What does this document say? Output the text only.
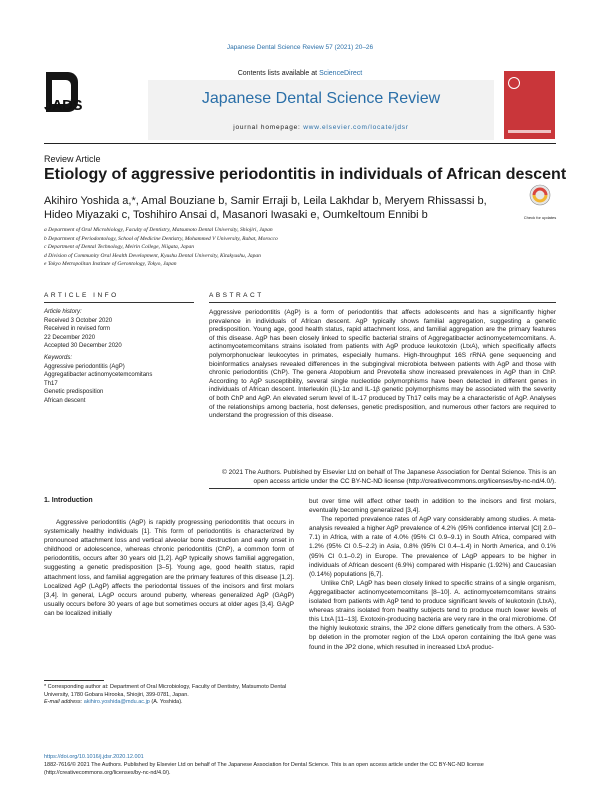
Japanese Dental Science Review 57 (2021) 20–26
JADS
Contents lists available at ScienceDirect
Japanese Dental Science Review
journal homepage: www.elsevier.com/locate/jdsr
Review Article
Etiology of aggressive periodontitis in individuals of African descent
Check for updates
Akihiro Yoshida a,*, Amal Bouziane b, Samir Erraji b, Leila Lakhdar b, Meryem Rhissassi b,
Hideo Miyazaki c, Toshihiro Ansai d, Masanori Iwasaki e, Oumkeltoum Ennibi b
a Department of Oral Microbiology, Faculty of Dentistry, Matsumoto Dental University, Shiojiri, Japan
b Department of Periodontology, School of Medicine Dentistry, Mohammed V University, Rabat, Morocco
c Department of Dental Technology, Meirin College, Niigata, Japan
d Division of Community Oral Health Development, Kyushu Dental University, Kitakyushu, Japan
e Tokyo Metropolitan Institute of Gerontology, Tokyo, Japan
ARTICLE INFO	ABSTRACT
Article history:
Received 3 October 2020
Received in revised form
22 December 2020
Accepted 30 December 2020
Keywords:
Aggressive periodontitis (AgP)
Aggregatibacter actinomycetemcomitans
Th17
Genetic predisposition
African descent

Aggressive periodontitis (AgP) is a form of periodontitis that affects adolescents and has a significantly higher prevalence in individuals of African descent. AgP typically shows familial aggregation, suggesting a genetic predisposition. Young age, good health status, rapid attachment loss, and familial aggregation are the primary features of this disease. AgP has been closely linked to specific bacterial strains of Aggregatibacter actinomycetemcomitans. A. actinomycetemcomitans strains isolated from patients with AgP produce leukotoxin (LtxA), which specifically affects polymorphonuclear leukocytes in primates, especially humans. High-throughput 16S rRNA gene sequencing and bioinformatics analyses revealed differences in the subgingival microbiota between patients with AgP and those with chronic periodontitis (ChP). The genera Atopobium and Prevotella show increased prevalences in AgP than in ChP. According to AgP susceptibility, several single nucleotide polymorphisms have been detected in different genes in individuals of African descent. Interleukin (IL)-1α and IL-1β genetic polymorphisms may be associated with the severity of both ChP and AgP. An elevated serum level of IL-17 produced by Th17 cells may be a characteristic of AgP. Analyses of the relationships among bacteria, host defenses, genetic predisposition, and numerous other factors are required to understand the progression of this disease.

© 2021 The Authors. Published by Elsevier Ltd on behalf of The Japanese Association for Dental Science. This is an open access article under the CC BY-NC-ND license (http://creativecommons.org/licenses/by-nc-nd/4.0/).
1. Introduction

Aggressive periodontitis (AgP) is rapidly progressing periodontitis that occurs in systemically healthy individuals [1]. This form of periodontitis is characterized by pronounced attachment loss and vertical alveolar bone destruction and early onset in childhood or adolescence, whereas chronic periodontitis (ChP), a common form of periodontitis, occurs after 30 years old [1,2]. AgP typically shows familial aggregation, suggesting a genetic predisposition [3–5]. Young age, good health status, rapid attachment loss, and familial aggregation are the primary features of this disease [1,2]. Localized AgP (LAgP) affects the periodontal tissues of the incisors and first molars [3,4]. In general, LAgP occurs around puberty, whereas generalized AgP (GAgP) usually occurs before 30 years of age but sometimes occurs at older ages [3,4]. GAgP can be localized initially

but over time will affect other teeth in addition to the incisors and first molars, eventually becoming generalized [3,4].

The reported prevalence rates of AgP vary considerably among studies. A meta-analysis revealed a higher AgP prevalence of 4.2% (95% confidence interval [CI] 2.0–7.1) in Africa, with a rate of 4.0% (95% CI 0.9–9.1) in South Africa, compared with 1.2% (95% CI 0.5–2.2) in Asia, 0.8% (95% CI 0.4–1.4) in North America, and 0.1% (95% CI 0.1–0.2) in Europe. The prevalence of LAgP appears to be higher in individuals of African descent (6.9%) compared with Hispanic (1.92%) and Caucasian (0.14%) populations [6,7].

Unlike ChP, LAgP has been closely linked to specific strains of a single organism, Aggregatibacter actinomycetemcomitans [8–10]. A. actinomycetemcomitans strains isolated from patients with AgP tend to produce significant levels of leukotoxin (LtxA), whereas strains isolated from healthy subjects tend to produce much lower levels of this LtxA [11–13]. Exotoxin-producing bacteria are very rare in the oral microbiome. Of the highly leukotoxic strains, the JP2 clone differs genetically from the others. A 530-bp deletion in the promoter region of the LtxA operon containing the ltxA gene was found in the JP2 clone, which resulted in increased LtxA produc-

* Corresponding author at: Department of Oral Microbiology, Faculty of Dentistry, Matsumoto Dental University, 1780 Gobara Hirooka, Shiojiri, 399-0781, Japan.
E-mail address: akihiro.yoshida@mdu.ac.jp (A. Yoshida).
https://doi.org/10.1016/j.jdsr.2020.12.001
1882-7616/© 2021 The Authors. Published by Elsevier Ltd on behalf of The Japanese Association for Dental Science. This is an open access article under the CC BY-NC-ND license (http://creativecommons.org/licenses/by-nc-nd/4.0/).
